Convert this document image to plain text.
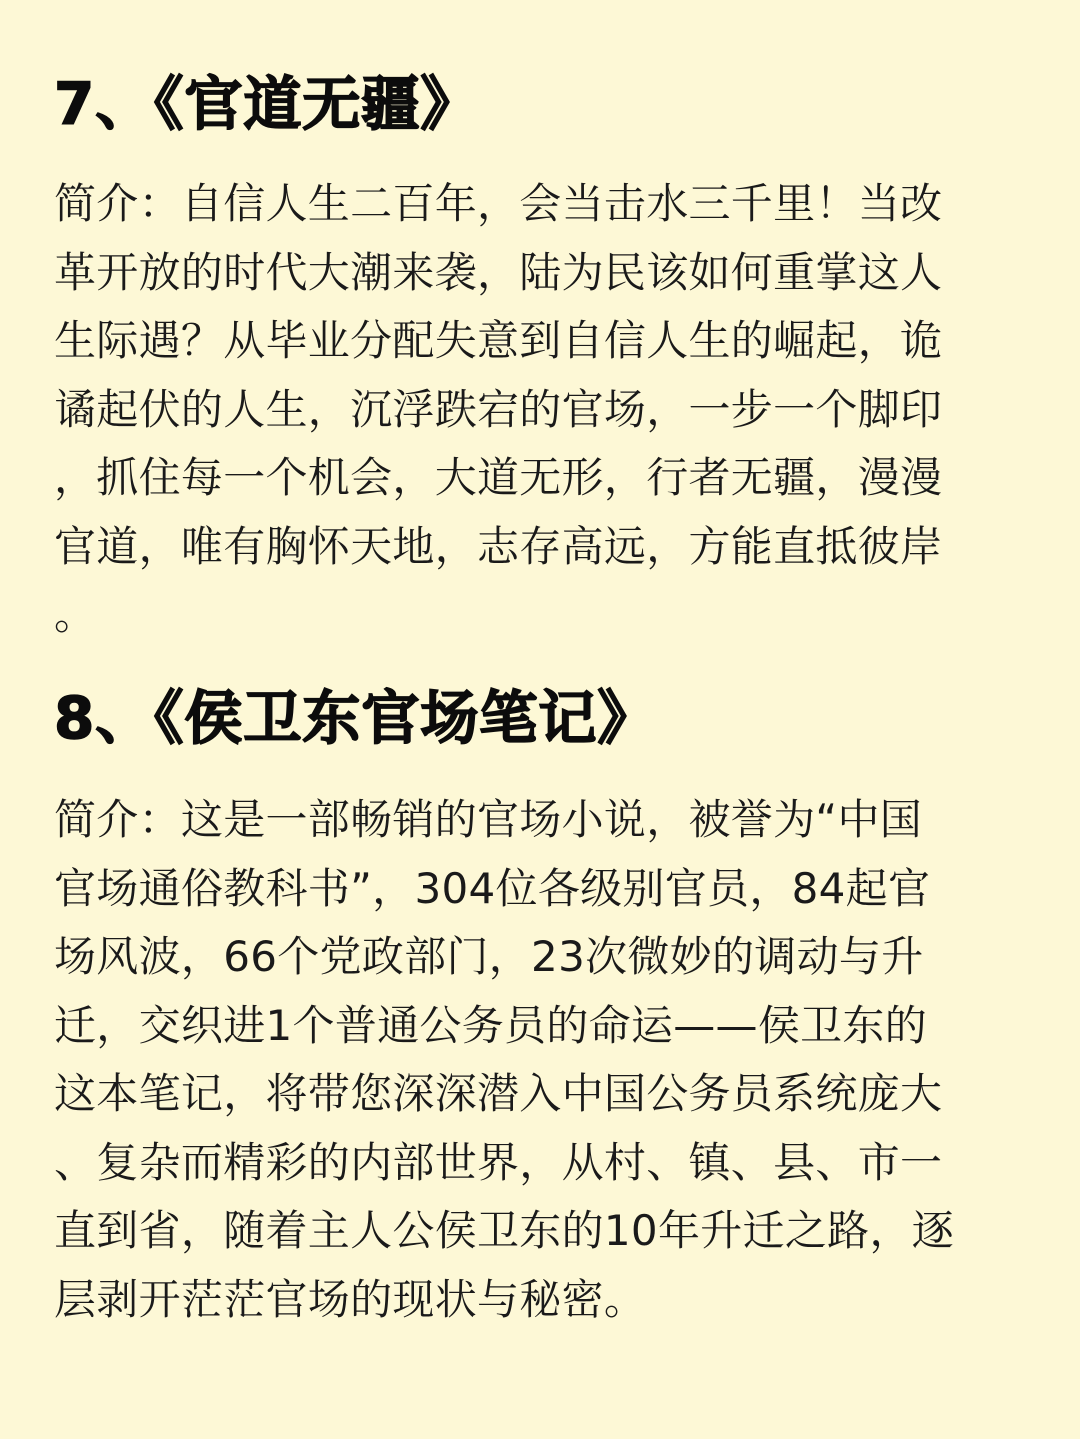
7、《官道无疆》
简介：自信人生二百年，会当击水三千里！当改
革开放的时代大潮来袭，陆为民该如何重掌这人
生际遇？从毕业分配失意到自信人生的崛起，诡
谲起伏的人生，沉浮跌宕的官场，一步一个脚印
，抓住每一个机会，大道无形，行者无疆，漫漫
官道，唯有胸怀天地，志存高远，方能直抵彼岸
。
8、《侯卫东官场笔记》
简介：这是一部畅销的官场小说，被誉为“中国
官场通俗教科书”，304位各级别官员，84起官
场风波，66个党政部门，23次微妙的调动与升
迁，交织进1个普通公务员的命运——侯卫东的
这本笔记，将带您深深潜入中国公务员系统庞大
、复杂而精彩的内部世界，从村、镇、县、市一
直到省，随着主人公侯卫东的10年升迁之路，逐
层剥开茫茫官场的现状与秘密。
